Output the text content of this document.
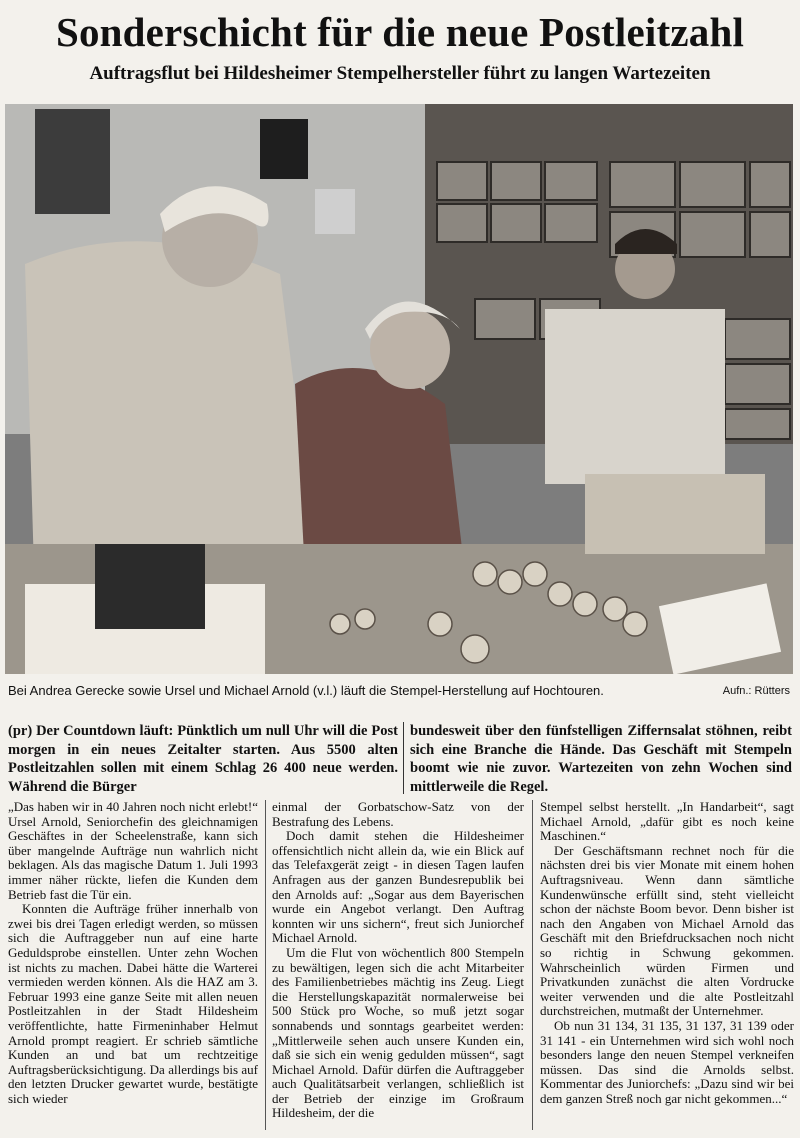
Sonderschicht für die neue Postleitzahl
Auftragsflut bei Hildesheimer Stempelhersteller führt zu langen Wartezeiten
Bei Andrea Gerecke sowie Ursel und Michael Arnold (v.l.) läuft die Stempel-Herstellung auf Hochtouren.	Aufn.: Rütters
(pr) Der Countdown läuft: Pünktlich um null Uhr will die Post morgen in ein neues Zeitalter starten. Aus 5500 alten Postleitzahlen sollen mit einem Schlag 26 400 neue werden. Während die Bürger
bundesweit über den fünfstelligen Ziffernsalat stöhnen, reibt sich eine Branche die Hände. Das Geschäft mit Stempeln boomt wie nie zuvor. Wartezeiten von zehn Wochen sind mittlerweile die Regel.

„Das haben wir in 40 Jahren noch nicht erlebt!“ Ursel Arnold, Seniorchefin des gleichnamigen Geschäftes in der Scheelenstraße, kann sich über mangelnde Aufträge nun wahrlich nicht beklagen. Als das magische Datum 1. Juli 1993 immer näher rückte, liefen die Kunden dem Betrieb fast die Tür ein.

Konnten die Aufträge früher innerhalb von zwei bis drei Tagen erledigt werden, so müssen sich die Auftraggeber nun auf eine harte Geduldsprobe einstellen. Unter zehn Wochen ist nichts zu machen. Dabei hätte die Warterei vermieden werden können. Als die HAZ am 3. Februar 1993 eine ganze Seite mit allen neuen Postleitzahlen in der Stadt Hildesheim veröffentlichte, hatte Firmeninhaber Helmut Arnold prompt reagiert. Er schrieb sämtliche Kunden an und bat um rechtzeitige Auftragsberücksichtigung. Da allerdings bis auf den letzten Drucker gewartet wurde, bestätigte sich wieder

einmal der Gorbatschow-Satz von der Bestrafung des Lebens.

Doch damit stehen die Hildesheimer offensichtlich nicht allein da, wie ein Blick auf das Telefaxgerät zeigt - in diesen Tagen laufen Anfragen aus der ganzen Bundesrepublik bei den Arnolds auf: „Sogar aus dem Bayerischen wurde ein Angebot verlangt. Den Auftrag konnten wir uns sichern“, freut sich Juniorchef Michael Arnold.

Um die Flut von wöchentlich 800 Stempeln zu bewältigen, legen sich die acht Mitarbeiter des Familienbetriebes mächtig ins Zeug. Liegt die Herstellungskapazität normalerweise bei 500 Stück pro Woche, so muß jetzt sogar sonnabends und sonntags gearbeitet werden: „Mittlerweile sehen auch unsere Kunden ein, daß sie sich ein wenig gedulden müssen“, sagt Michael Arnold. Dafür dürfen die Auftraggeber auch Qualitätsarbeit verlangen, schließlich ist der Betrieb der einzige im Großraum Hildesheim, der die

Stempel selbst herstellt. „In Handarbeit“, sagt Michael Arnold, „dafür gibt es noch keine Maschinen.“

Der Geschäftsmann rechnet noch für die nächsten drei bis vier Monate mit einem hohen Auftragsniveau. Wenn dann sämtliche Kundenwünsche erfüllt sind, steht vielleicht schon der nächste Boom bevor. Denn bisher ist nach den Angaben von Michael Arnold das Geschäft mit den Briefdrucksachen noch nicht so richtig in Schwung gekommen. Wahrscheinlich würden Firmen und Privatkunden zunächst die alten Vordrucke weiter verwenden und die alte Postleitzahl durchstreichen, mutmaßt der Unternehmer.

Ob nun 31 134, 31 135, 31 137, 31 139 oder 31 141 - ein Unternehmen wird sich wohl noch besonders lange den neuen Stempel verkneifen müssen. Das sind die Arnolds selbst. Kommentar des Juniorchefs: „Dazu sind wir bei dem ganzen Streß noch gar nicht gekommen...“
